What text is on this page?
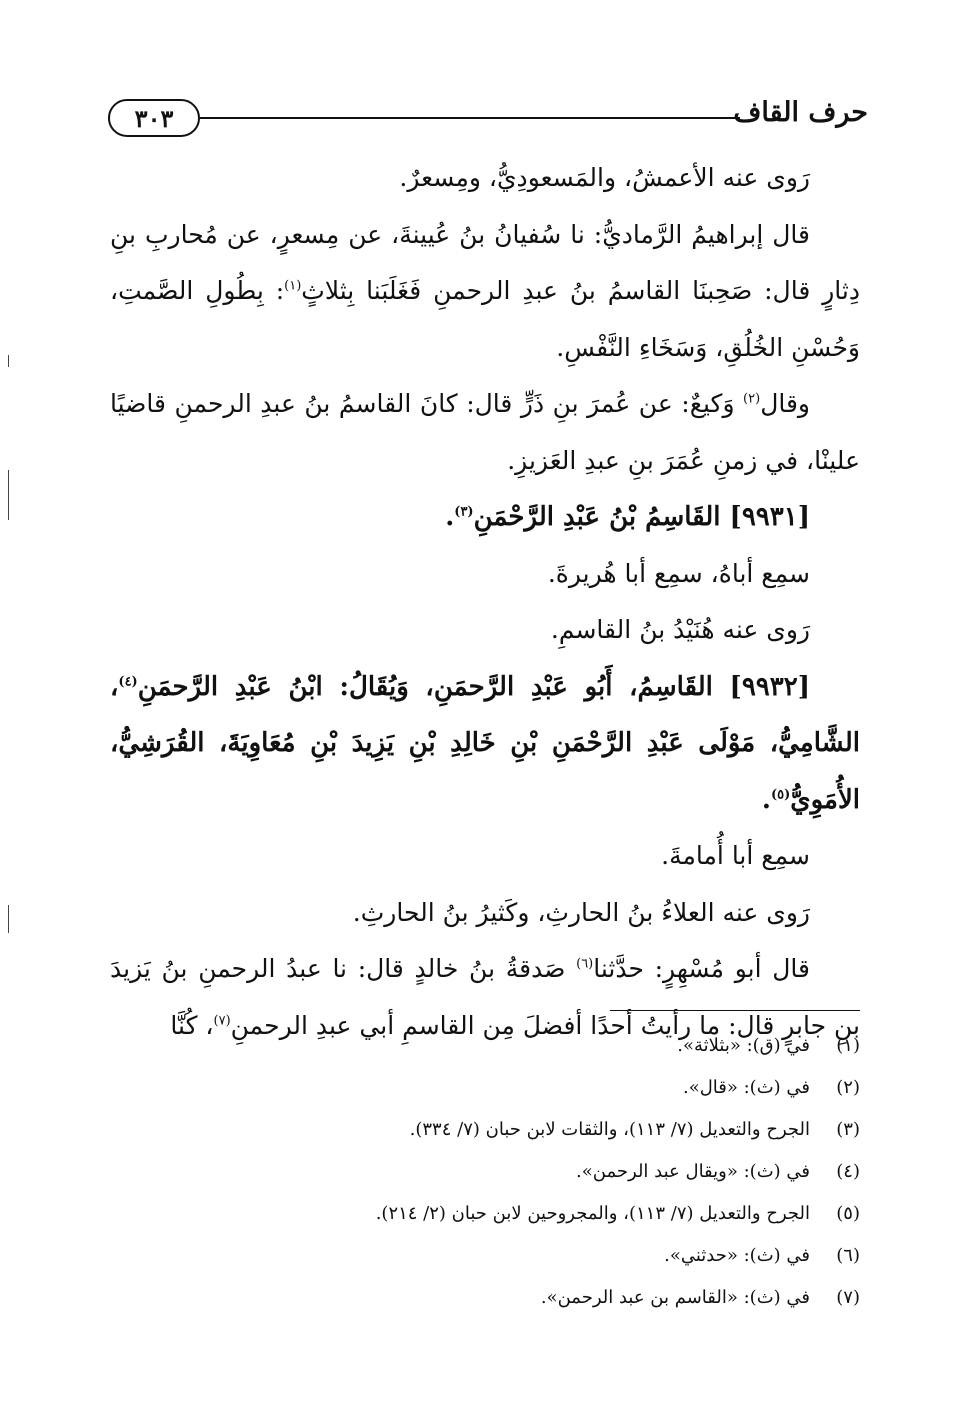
حرف القاف
٣٠٣

رَوى عنه الأعمشُ، والمَسعودِيُّ، ومِسعرٌ.

قال إبراهيمُ الرَّماديُّ: نا سُفيانُ بنُ عُيينةَ، عن مِسعرٍ، عن مُحاربِ بنِ دِثارٍ قال: صَحِبنَا القاسمُ بنُ عبدِ الرحمنِ فَغَلَبَنا بِثلاثٍ$^{(١)}$: بِطُولِ الصَّمتِ، وَحُسْنِ الخُلُقِ، وَسَخَاءِ النَّفْسِ.

وقال$^{(٢)}$ وَكيعٌ: عن عُمرَ بنِ ذَرٍّ قال: كانَ القاسمُ بنُ عبدِ الرحمنِ قاضيًا علينْا، في زمنِ عُمَرَ بنِ عبدِ العَزيزِ.

[٩٩٣١] القَاسِمُ بْنُ عَبْدِ الرَّحْمَنِ$^{(٣)}$.

سمِع أباهُ، سمِع أبا هُريرةَ.

رَوى عنه هُنَيْدُ بنُ القاسمِ.

[٩٩٣٢] القَاسِمُ، أَبُو عَبْدِ الرَّحمَنِ، وَيُقَالُ: ابْنُ عَبْدِ الرَّحمَنِ$^{(٤)}$، الشَّامِيُّ، مَوْلَى عَبْدِ الرَّحْمَنِ بْنِ خَالِدِ بْنِ يَزِيدَ بْنِ مُعَاوِيَةَ، القُرَشِيُّ، الأُمَوِيُّ$^{(٥)}$.

سمِع أبا أُمامةَ.

رَوى عنه العلاءُ بنُ الحارثِ، وكَثيرُ بنُ الحارثِ.

قال أبو مُسْهِرٍ: حدَّثنا$^{(٦)}$ صَدقةُ بنُ خالدٍ قال: نا عبدُ الرحمنِ بنُ يَزيدَ بنِ جابرٍ قال: ما رأيتُ أحدًا أفضلَ مِن القاسمِ أبي عبدِ الرحمنِ$^{(٧)}$، كُنَّا

(١)
في (ق): «بثلاثة».
(٢)
في (ث): «قال».
(٣)
الجرح والتعديل (٧/ ١١٣)، والثقات لابن حبان (٧/ ٣٣٤).
(٤)
في (ث): «ويقال عبد الرحمن».
(٥)
الجرح والتعديل (٧/ ١١٣)، والمجروحين لابن حبان (٢/ ٢١٤).
(٦)
في (ث): «حدثني».
(٧)
في (ث): «القاسم بن عبد الرحمن».
